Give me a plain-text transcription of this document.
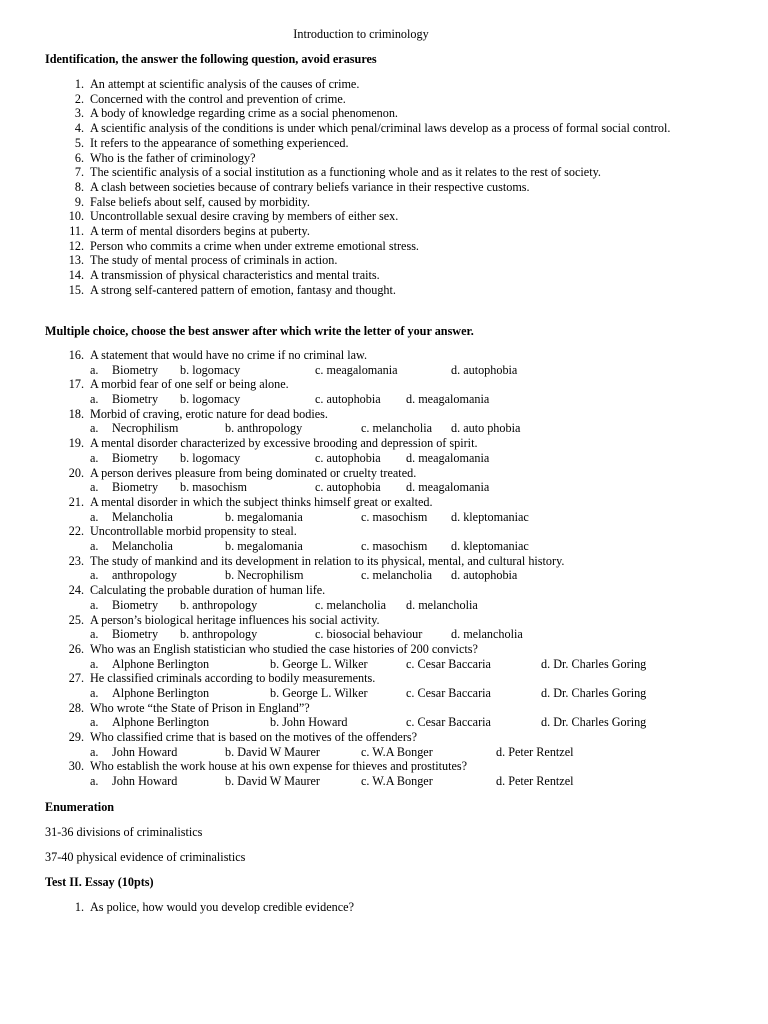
Introduction to criminology
Identification, the answer the following question, avoid erasures
1. An attempt at scientific analysis of the causes of crime.
2. Concerned with the control and prevention of crime.
3. A body of knowledge regarding crime as a social phenomenon.
4. A scientific analysis of the conditions is under which penal/criminal laws develop as a process of formal social control.
5. It refers to the appearance of something experienced.
6. Who is the father of criminology?
7. The scientific analysis of a social institution as a functioning whole and as it relates to the rest of society.
8. A clash between societies because of contrary beliefs variance in their respective customs.
9. False beliefs about self, caused by morbidity.
10. Uncontrollable sexual desire craving by members of either sex.
11. A term of mental disorders begins at puberty.
12. Person who commits a crime when under extreme emotional stress.
13. The study of mental process of criminals in action.
14. A transmission of physical characteristics and mental traits.
15. A strong self-cantered pattern of emotion, fantasy and thought.
Multiple choice, choose the best answer after which write the letter of your answer.
16. A statement that would have no crime if no criminal law.
a. Biometry b. logomacy	c. meagalomania	d. autophobia
17. A morbid fear of one self or being alone.
a. Biometry b. logomacy	c. autophobia d. meagalomania
18. Morbid of craving, erotic nature for dead bodies.
a. Necrophilism	b. anthropology	c. melancholia d. auto phobia
19. A mental disorder characterized by excessive brooding and depression of spirit.
a. Biometry b. logomacy	c. autophobia d. meagalomania
20. A person derives pleasure from being dominated or cruelty treated.
a. Biometry b. masochism	c. autophobia d. meagalomania
21. A mental disorder in which the subject thinks himself great or exalted.
a. Melancholia	b. megalomania	c. masochism d. kleptomaniac
22. Uncontrollable morbid propensity to steal.
a. Melancholia	b. megalomania	c. masochism d. kleptomaniac
23. The study of mankind and its development in relation to its physical, mental, and cultural history.
a. anthropology	b. Necrophilism	c. melancholia d. autophobia
24. Calculating the probable duration of human life.
a. Biometry b. anthropology	c. melancholia d. melancholia
25. A person’s biological heritage influences his social activity.
a. Biometry b. anthropology	c. biosocial behaviour d. melancholia
26. Who was an English statistician who studied the case histories of 200 convicts?
a. Alphone Berlington	b. George L. Wilker	c. Cesar Baccaria	d. Dr. Charles Goring
27. He classified criminals according to bodily measurements.
a. Alphone Berlington	b. George L. Wilker	c. Cesar Baccaria	d. Dr. Charles Goring
28. Who wrote “the State of Prison in England”?
a. Alphone Berlington	b. John Howard	c. Cesar Baccaria	d. Dr. Charles Goring
29. Who classified crime that is based on the motives of the offenders?
a. John Howard	b. David W Maurer	c. W.A Bonger	d. Peter Rentzel
30. Who establish the work house at his own expense for thieves and prostitutes?
a. John Howard	b. David W Maurer	c. W.A Bonger	d. Peter Rentzel
Enumeration
31-36 divisions of criminalistics
37-40 physical evidence of criminalistics
Test II. Essay (10pts)
1. As police, how would you develop credible evidence?
